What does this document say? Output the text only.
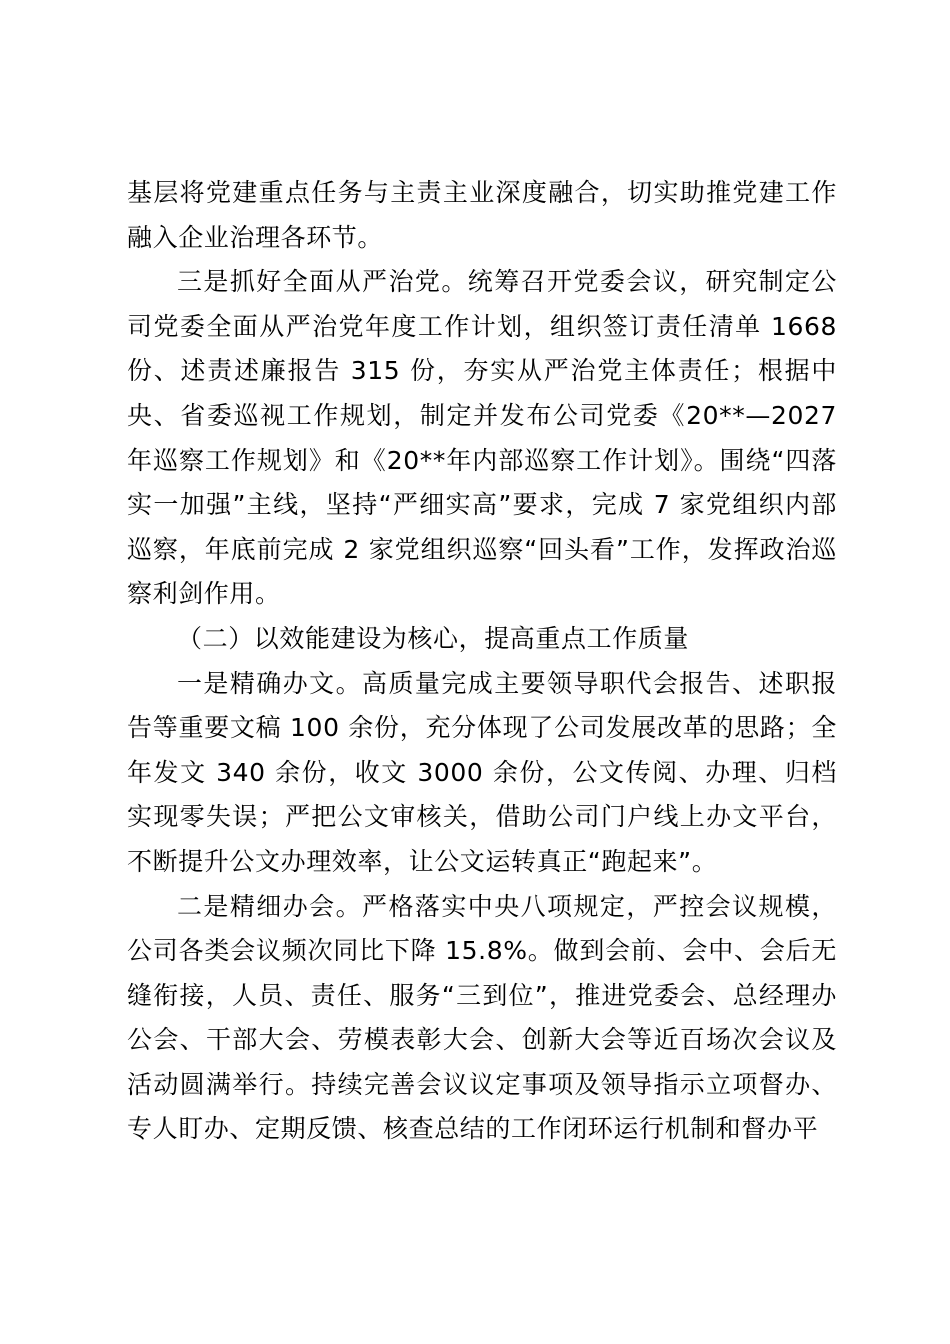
基层将党建重点任务与主责主业深度融合，切实助推党建工作融入企业治理各环节。

三是抓好全面从严治党。统筹召开党委会议，研究制定公司党委全面从严治党年度工作计划，组织签订责任清单 1668 份、述责述廉报告 315 份，夯实从严治党主体责任；根据中央、省委巡视工作规划，制定并发布公司党委《20**—2027年巡察工作规划》和《20**年内部巡察工作计划》。围绕“四落实一加强”主线，坚持“严细实高”要求，完成 7 家党组织内部巡察，年底前完成 2 家党组织巡察“回头看”工作，发挥政治巡察利剑作用。

（二）以效能建设为核心，提高重点工作质量

一是精确办文。高质量完成主要领导职代会报告、述职报告等重要文稿 100 余份，充分体现了公司发展改革的思路；全年发文 340 余份，收文 3000 余份，公文传阅、办理、归档实现零失误；严把公文审核关，借助公司门户线上办文平台，不断提升公文办理效率，让公文运转真正“跑起来”。

二是精细办会。严格落实中央八项规定，严控会议规模，公司各类会议频次同比下降 15.8%。做到会前、会中、会后无缝衔接，人员、责任、服务“三到位”，推进党委会、总经理办公会、干部大会、劳模表彰大会、创新大会等近百场次会议及活动圆满举行。持续完善会议议定事项及领导指示立项督办、专人盯办、定期反馈、核查总结的工作闭环运行机制和督办平
